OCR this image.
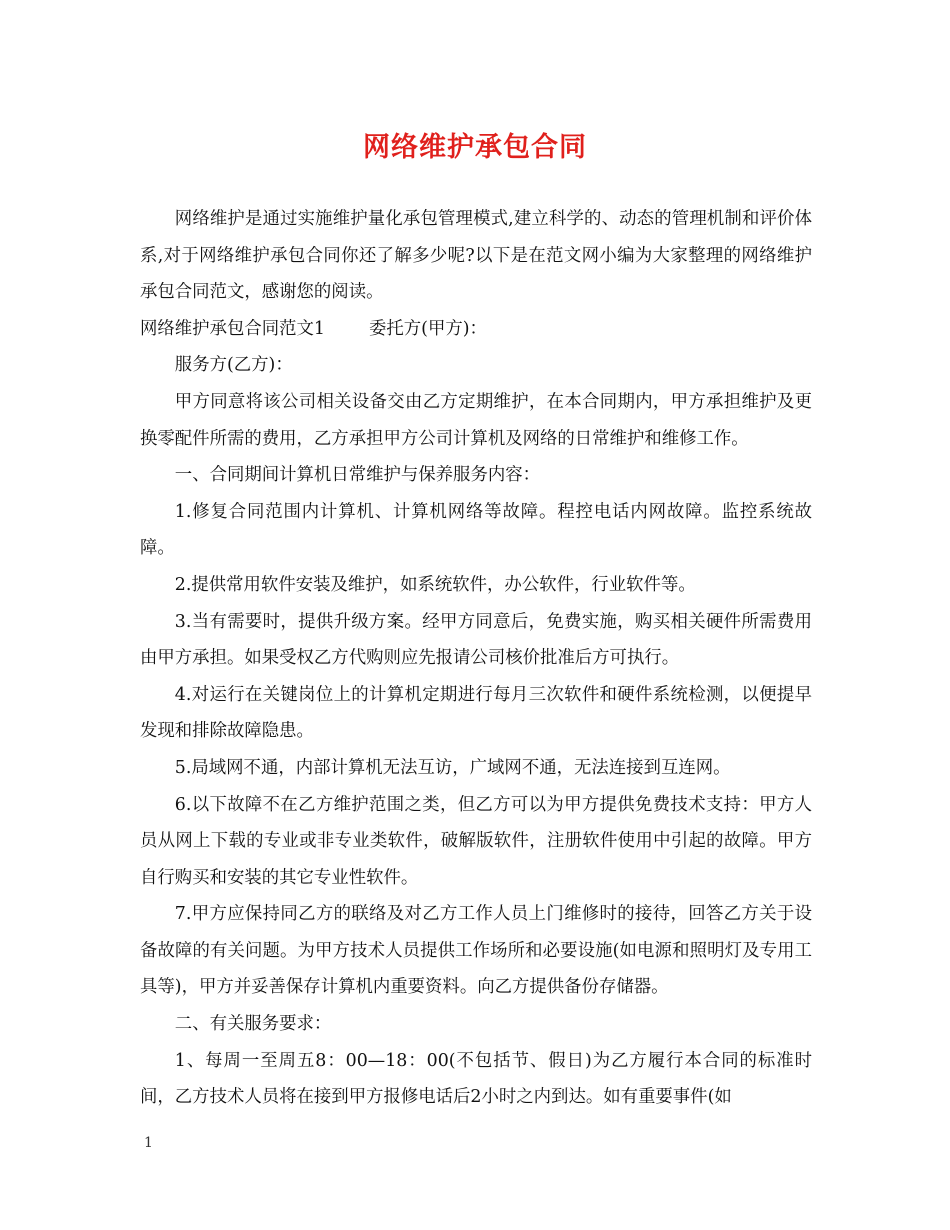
网络维护承包合同

网络维护是通过实施维护量化承包管理模式,建立科学的、动态的管理机制和评价体系,对于网络维护承包合同你还了解多少呢?以下是在范文网小编为大家整理的网络维护承包合同范文，感谢您的阅读。

网络维护承包合同范文1	委托方(甲方)：

服务方(乙方)：

甲方同意将该公司相关设备交由乙方定期维护，在本合同期内，甲方承担维护及更换零配件所需的费用，乙方承担甲方公司计算机及网络的日常维护和维修工作。

一、合同期间计算机日常维护与保养服务内容：

1.修复合同范围内计算机、计算机网络等故障。程控电话内网故障。监控系统故障。

2.提供常用软件安装及维护，如系统软件，办公软件，行业软件等。

3.当有需要时，提供升级方案。经甲方同意后，免费实施，购买相关硬件所需费用由甲方承担。如果受权乙方代购则应先报请公司核价批准后方可执行。

4.对运行在关键岗位上的计算机定期进行每月三次软件和硬件系统检测，以便提早发现和排除故障隐患。

5.局域网不通，内部计算机无法互访，广域网不通，无法连接到互连网。

6.以下故障不在乙方维护范围之类，但乙方可以为甲方提供免费技术支持：甲方人员从网上下载的专业或非专业类软件，破解版软件，注册软件使用中引起的故障。甲方自行购买和安装的其它专业性软件。

7.甲方应保持同乙方的联络及对乙方工作人员上门维修时的接待，回答乙方关于设备故障的有关问题。为甲方技术人员提供工作场所和必要设施(如电源和照明灯及专用工具等)，甲方并妥善保存计算机内重要资料。向乙方提供备份存储器。

二、有关服务要求：

1、每周一至周五8：00—18：00(不包括节、假日)为乙方履行本合同的标准时间，乙方技术人员将在接到甲方报修电话后2小时之内到达。如有重要事件(如

1
